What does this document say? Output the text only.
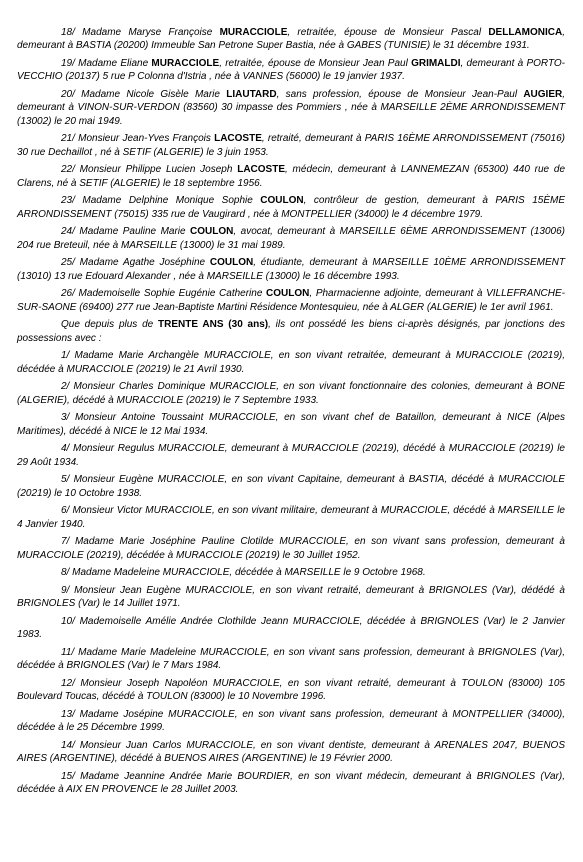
18/ Madame Maryse Françoise MURACCIOLE, retraitée, épouse de Monsieur Pascal DELLAMONICA, demeurant à BASTIA (20200) Immeuble San Petrone Super Bastia, née à GABES (TUNISIE) le 31 décembre 1931.

19/ Madame Eliane MURACCIOLE, retraitée, épouse de Monsieur Jean Paul GRIMALDI, demeurant à PORTO-VECCHIO (20137) 5 rue P Colonna d'Istria , née à VANNES (56000) le 19 janvier 1937.

20/ Madame Nicole Gisèle Marie LIAUTARD, sans profession, épouse de Monsieur Jean-Paul AUGIER, demeurant à VINON-SUR-VERDON (83560) 30 impasse des Pommiers , née à MARSEILLE 2ÈME ARRONDISSEMENT (13002) le 20 mai 1949.

21/ Monsieur Jean-Yves François LACOSTE, retraité, demeurant à PARIS 16ÈME ARRONDISSEMENT (75016) 30 rue Dechaillot , né à SETIF (ALGERIE) le 3 juin 1953.

22/ Monsieur Philippe Lucien Joseph LACOSTE, médecin, demeurant à LANNEMEZAN (65300) 440 rue de Clarens, né à SETIF (ALGERIE) le 18 septembre 1956.

23/ Madame Delphine Monique Sophie COULON, contrôleur de gestion, demeurant à PARIS 15ÈME ARRONDISSEMENT (75015) 335 rue de Vaugirard , née à MONTPELLIER (34000) le 4 décembre 1979.

24/ Madame Pauline Marie COULON, avocat, demeurant à MARSEILLE 6ÈME ARRONDISSEMENT (13006) 204 rue Breteuil, née à MARSEILLE (13000) le 31 mai 1989.

25/ Madame Agathe Joséphine COULON, étudiante, demeurant à MARSEILLE 10ÈME ARRONDISSEMENT (13010) 13 rue Edouard Alexander , née à MARSEILLE (13000) le 16 décembre 1993.

26/ Mademoiselle Sophie Eugénie Catherine COULON, Pharmacienne adjointe, demeurant à VILLEFRANCHE-SUR-SAONE (69400) 277 rue Jean-Baptiste Martini Résidence Montesquieu, née à ALGER (ALGERIE) le 1er avril 1961.

Que depuis plus de TRENTE ANS (30 ans), ils ont possédé les biens ci-après désignés, par jonctions des possessions avec :

1/ Madame Marie Archangèle MURACCIOLE, en son vivant retraitée, demeurant à MURACCIOLE (20219), décédée à MURACCIOLE (20219) le 21 Avril 1930.

2/ Monsieur Charles Dominique MURACCIOLE, en son vivant fonctionnaire des colonies, demeurant à BONE (ALGERIE), décédé à MURACCIOLE (20219) le 7 Septembre 1933.

3/ Monsieur Antoine Toussaint MURACCIOLE, en son vivant chef de Bataillon, demeurant à NICE (Alpes Maritimes), décédé à NICE le 12 Mai 1934.

4/ Monsieur Regulus MURACCIOLE, demeurant à MURACCIOLE (20219), décédé à MURACCIOLE (20219) le 29 Août 1934.

5/ Monsieur Eugène MURACCIOLE, en son vivant Capitaine, demeurant à BASTIA, décédé à MURACCIOLE (20219) le 10 Octobre 1938.

6/ Monsieur Victor MURACCIOLE, en son vivant militaire, demeurant à MURACCIOLE, décédé à MARSEILLE le 4 Janvier 1940.

7/ Madame Marie Joséphine Pauline Clotilde MURACCIOLE, en son vivant sans profession, demeurant à MURACCIOLE (20219), décédée à MURACCIOLE (20219) le 30 Juillet 1952.

8/ Madame Madeleine MURACCIOLE, décédée à MARSEILLE le 9 Octobre 1968.

9/ Monsieur Jean Eugène MURACCIOLE, en son vivant retraité, demeurant à BRIGNOLES (Var), dédédé à BRIGNOLES (Var) le 14 Juillet 1971.

10/ Mademoiselle Amélie Andrée Clothilde Jeann MURACCIOLE, décédée à BRIGNOLES (Var) le 2 Janvier 1983.

11/ Madame Marie Madeleine MURACCIOLE, en son vivant sans profession, demeurant à BRIGNOLES (Var), décédée à BRIGNOLES (Var) le 7 Mars 1984.

12/ Monsieur Joseph Napoléon MURACCIOLE, en son vivant retraité, demeurant à TOULON (83000) 105 Boulevard Toucas, décédé à TOULON (83000) le 10 Novembre 1996.

13/ Madame Josépine MURACCIOLE, en son vivant sans profession, demeurant à MONTPELLIER (34000), décédée à le 25 Décembre 1999.

14/ Monsieur Juan Carlos MURACCIOLE, en son vivant dentiste, demeurant à ARENALES 2047, BUENOS AIRES (ARGENTINE), décédé à BUENOS AIRES (ARGENTINE) le 19 Février 2000.

15/ Madame Jeannine Andrée Marie BOURDIER, en son vivant médecin, demeurant à BRIGNOLES (Var), décédée à AIX EN PROVENCE le 28 Juillet 2003.
